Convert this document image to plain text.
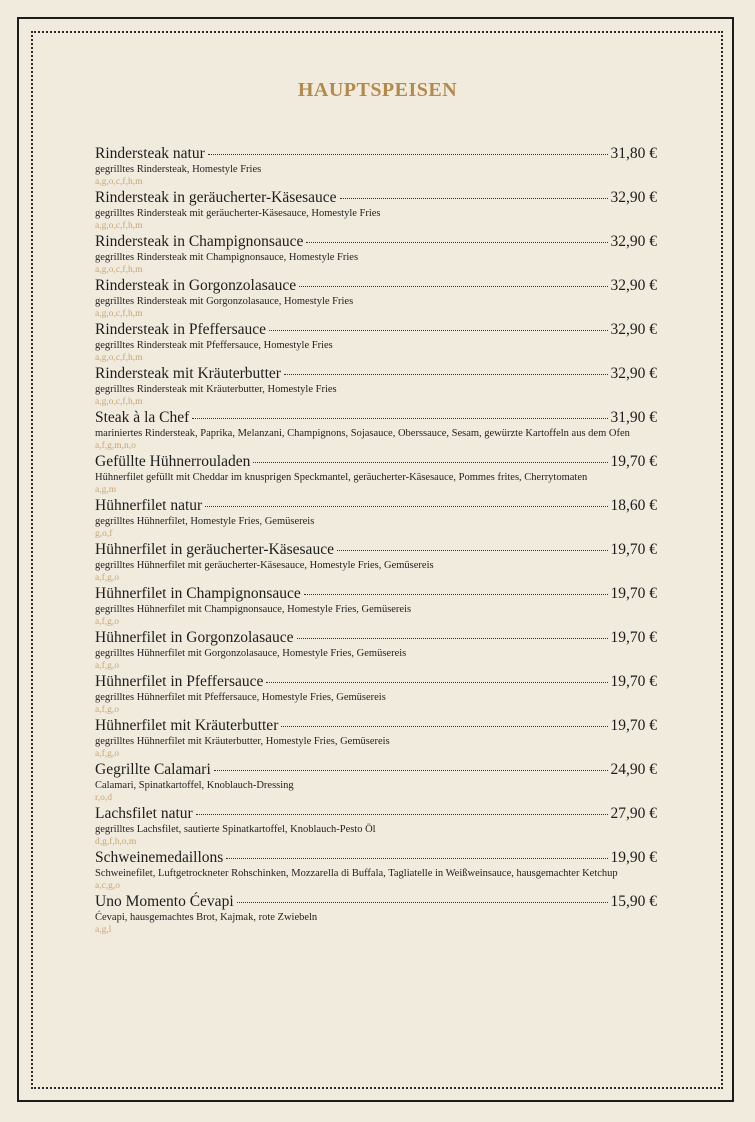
HAUPTSPEISEN
Rindersteak natur	31,80 €
gegrilltes Rindersteak, Homestyle Fries
a,g,o,c,f,h,m
Rindersteak in geräucherter-Käsesauce	32,90 €
gegrilltes Rindersteak mit geräucherter-Käsesauce, Homestyle Fries
a,g,o,c,f,h,m
Rindersteak in Champignonsauce	32,90 €
gegrilltes Rindersteak mit Champignonsauce, Homestyle Fries
a,g,o,c,f,h,m
Rindersteak in Gorgonzolasauce	32,90 €
gegrilltes Rindersteak mit Gorgonzolasauce, Homestyle Fries
a,g,o,c,f,h,m
Rindersteak in Pfeffersauce	32,90 €
gegrilltes Rindersteak mit Pfeffersauce, Homestyle Fries
a,g,o,c,f,h,m
Rindersteak mit Kräuterbutter	32,90 €
gegrilltes Rindersteak mit Kräuterbutter, Homestyle Fries
a,g,o,c,f,h,m
Steak à la Chef	31,90 €
mariniertes Rindersteak, Paprika, Melanzani, Champignons, Sojasauce, Oberssauce, Sesam, gewürzte Kartoffeln aus dem Ofen
a,f,g,m,n,o
Gefüllte Hühnerrouladen	19,70 €
Hühnerfilet gefüllt mit Cheddar im knusprigen Speckmantel, geräucherter-Käsesauce, Pommes frites, Cherrytomaten
a,g,m
Hühnerfilet natur	18,60 €
gegrilltes Hühnerfilet, Homestyle Fries, Gemüsereis
g,o,f
Hühnerfilet in geräucherter-Käsesauce	19,70 €
gegrilltes Hühnerfilet mit geräucherter-Käsesauce, Homestyle Fries, Gemüsereis
a,f,g,o
Hühnerfilet in Champignonsauce	19,70 €
gegrilltes Hühnerfilet mit Champignonsauce, Homestyle Fries, Gemüsereis
a,f,g,o
Hühnerfilet in Gorgonzolasauce	19,70 €
gegrilltes Hühnerfilet mit Gorgonzolasauce, Homestyle Fries, Gemüsereis
a,f,g,o
Hühnerfilet in Pfeffersauce	19,70 €
gegrilltes Hühnerfilet mit Pfeffersauce, Homestyle Fries, Gemüsereis
a,f,g,o
Hühnerfilet mit Kräuterbutter	19,70 €
gegrilltes Hühnerfilet mit Kräuterbutter, Homestyle Fries, Gemüsereis
a,f,g,o
Gegrillte Calamari	24,90 €
Calamari, Spinatkartoffel, Knoblauch-Dressing
r,o,d
Lachsfilet natur	27,90 €
gegrilltes Lachsfilet, sautierte Spinatkartoffel, Knoblauch-Pesto Öl
d,g,f,h,o,m
Schweinemedaillons	19,90 €
Schweinefilet, Luftgetrockneter Rohschinken, Mozzarella di Buffala, Tagliatelle in Weißweinsauce, hausgemachter Ketchup
a,c,g,o
Uno Momento Ćevapi	15,90 €
Ćevapi, hausgemachtes Brot, Kajmak, rote Zwiebeln
a,g,l
